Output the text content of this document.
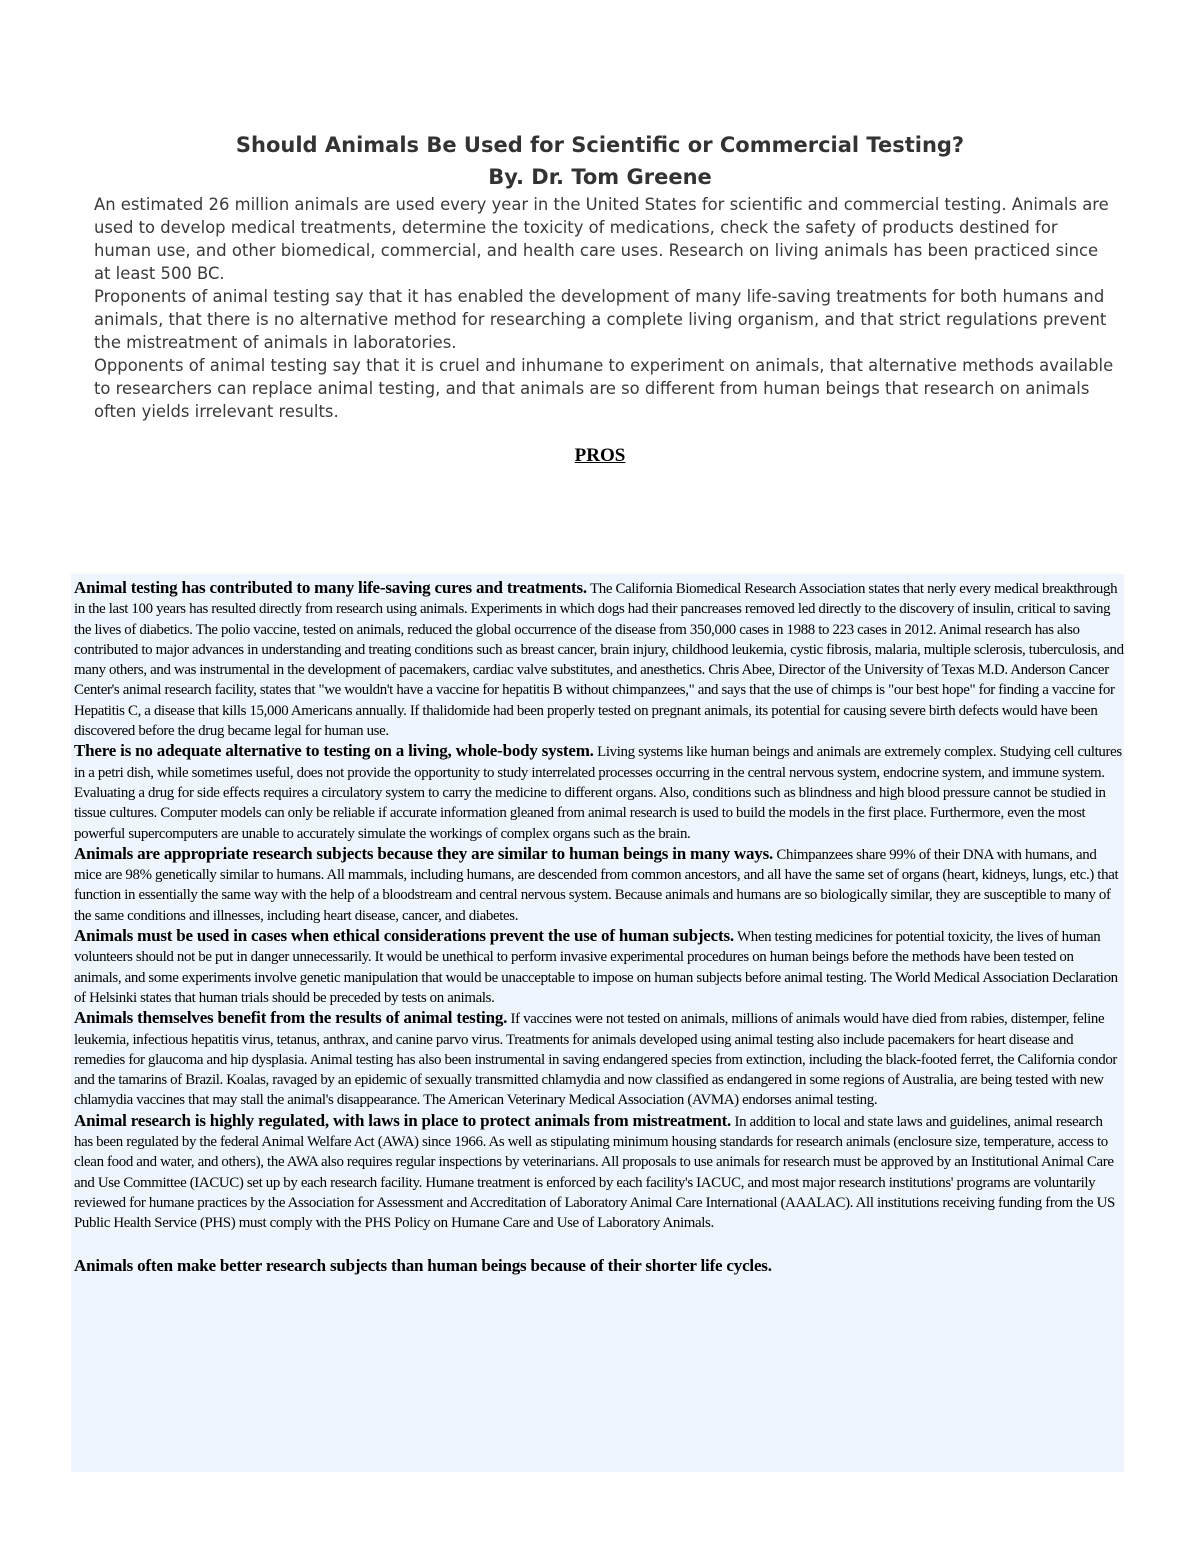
Should Animals Be Used for Scientific or Commercial Testing?
By. Dr. Tom Greene

An estimated 26 million animals are used every year in the United States for scientific and commercial testing. Animals are used to develop medical treatments, determine the toxicity of medications, check the safety of products destined for human use, and other biomedical, commercial, and health care uses. Research on living animals has been practiced since at least 500 BC.

Proponents of animal testing say that it has enabled the development of many life-saving treatments for both humans and animals, that there is no alternative method for researching a complete living organism, and that strict regulations prevent the mistreatment of animals in laboratories.

Opponents of animal testing say that it is cruel and inhumane to experiment on animals, that alternative methods available to researchers can replace animal testing, and that animals are so different from human beings that research on animals often yields irrelevant results.

PROS

Animal testing has contributed to many life-saving cures and treatments. The California Biomedical Research Association states that nerly every medical breakthrough in the last 100 years has resulted directly from research using animals. Experiments in which dogs had their pancreases removed led directly to the discovery of insulin, critical to saving the lives of diabetics. The polio vaccine, tested on animals, reduced the global occurrence of the disease from 350,000 cases in 1988 to 223 cases in 2012. Animal research has also contributed to major advances in understanding and treating conditions such as breast cancer, brain injury, childhood leukemia, cystic fibrosis, malaria, multiple sclerosis, tuberculosis, and many others, and was instrumental in the development of pacemakers, cardiac valve substitutes, and anesthetics. Chris Abee, Director of the University of Texas M.D. Anderson Cancer Center's animal research facility, states that "we wouldn't have a vaccine for hepatitis B without chimpanzees," and says that the use of chimps is "our best hope" for finding a vaccine for Hepatitis C, a disease that kills 15,000 Americans annually. If thalidomide had been properly tested on pregnant animals, its potential for causing severe birth defects would have been discovered before the drug became legal for human use.

There is no adequate alternative to testing on a living, whole-body system. Living systems like human beings and animals are extremely complex. Studying cell cultures in a petri dish, while sometimes useful, does not provide the opportunity to study interrelated processes occurring in the central nervous system, endocrine system, and immune system. Evaluating a drug for side effects requires a circulatory system to carry the medicine to different organs. Also, conditions such as blindness and high blood pressure cannot be studied in tissue cultures. Computer models can only be reliable if accurate information gleaned from animal research is used to build the models in the first place. Furthermore, even the most powerful supercomputers are unable to accurately simulate the workings of complex organs such as the brain.

Animals are appropriate research subjects because they are similar to human beings in many ways. Chimpanzees share 99% of their DNA with humans, and mice are 98% genetically similar to humans. All mammals, including humans, are descended from common ancestors, and all have the same set of organs (heart, kidneys, lungs, etc.) that function in essentially the same way with the help of a bloodstream and central nervous system. Because animals and humans are so biologically similar, they are susceptible to many of the same conditions and illnesses, including heart disease, cancer, and diabetes.

Animals must be used in cases when ethical considerations prevent the use of human subjects. When testing medicines for potential toxicity, the lives of human volunteers should not be put in danger unnecessarily. It would be unethical to perform invasive experimental procedures on human beings before the methods have been tested on animals, and some experiments involve genetic manipulation that would be unacceptable to impose on human subjects before animal testing. The World Medical Association Declaration of Helsinki states that human trials should be preceded by tests on animals.

Animals themselves benefit from the results of animal testing. If vaccines were not tested on animals, millions of animals would have died from rabies, distemper, feline leukemia, infectious hepatitis virus, tetanus, anthrax, and canine parvo virus. Treatments for animals developed using animal testing also include pacemakers for heart disease and remedies for glaucoma and hip dysplasia. Animal testing has also been instrumental in saving endangered species from extinction, including the black-footed ferret, the California condor and the tamarins of Brazil. Koalas, ravaged by an epidemic of sexually transmitted chlamydia and now classified as endangered in some regions of Australia, are being tested with new chlamydia vaccines that may stall the animal's disappearance. The American Veterinary Medical Association (AVMA) endorses animal testing.

Animal research is highly regulated, with laws in place to protect animals from mistreatment. In addition to local and state laws and guidelines, animal research has been regulated by the federal Animal Welfare Act (AWA) since 1966. As well as stipulating minimum housing standards for research animals (enclosure size, temperature, access to clean food and water, and others), the AWA also requires regular inspections by veterinarians. All proposals to use animals for research must be approved by an Institutional Animal Care and Use Committee (IACUC) set up by each research facility. Humane treatment is enforced by each facility's IACUC, and most major research institutions' programs are voluntarily reviewed for humane practices by the Association for Assessment and Accreditation of Laboratory Animal Care International (AAALAC). All institutions receiving funding from the US Public Health Service (PHS) must comply with the PHS Policy on Humane Care and Use of Laboratory Animals.

Animals often make better research subjects than human beings because of their shorter life cycles.
